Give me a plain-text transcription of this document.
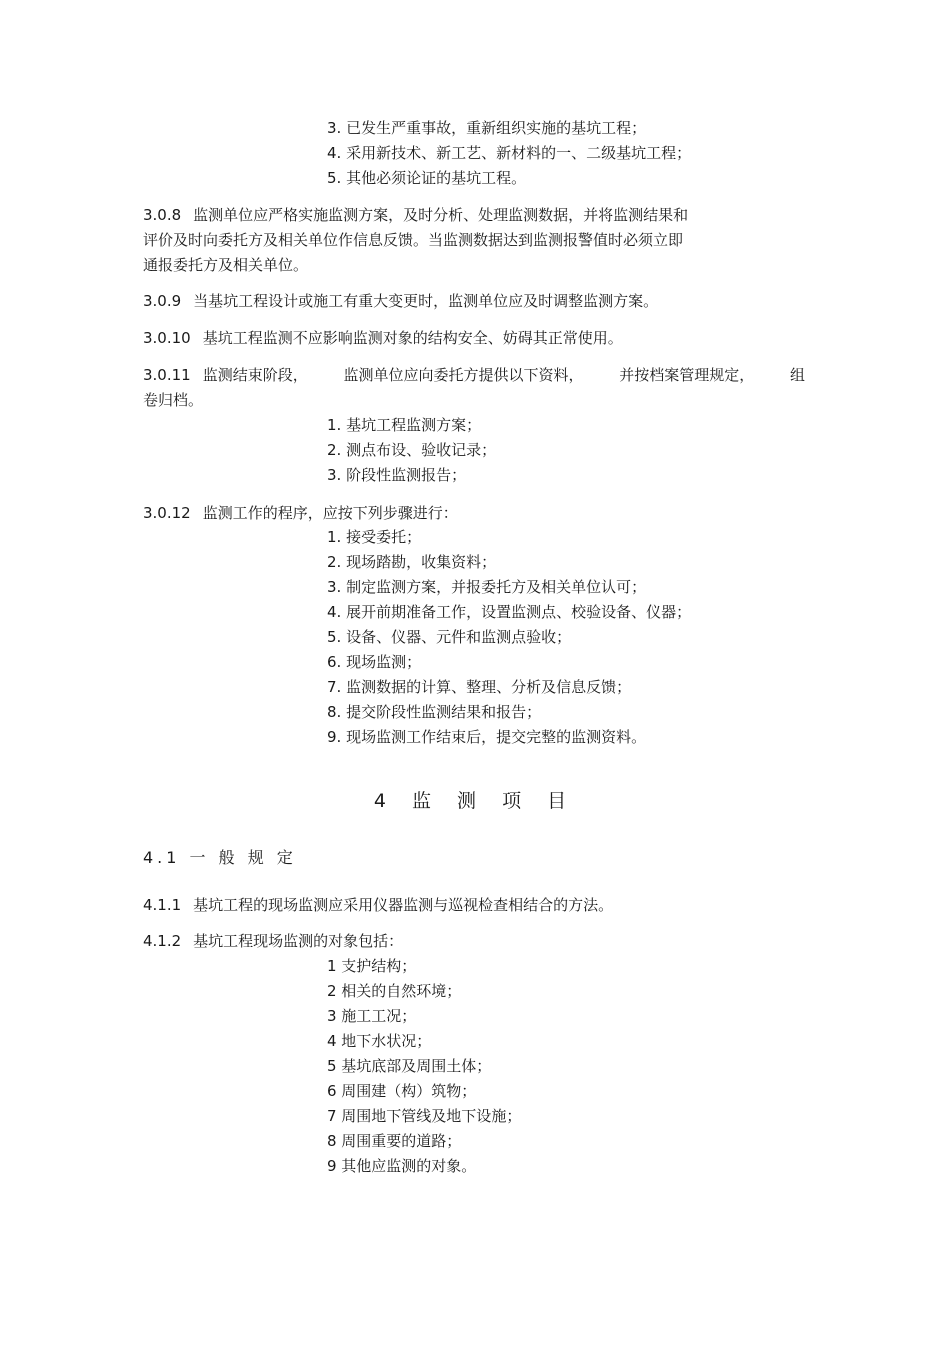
3. 已发生严重事故，重新组织实施的基坑工程；
4. 采用新技术、新工艺、新材料的一、二级基坑工程；
5. 其他必须论证的基坑工程。
3.0.8 监测单位应严格实施监测方案，及时分析、处理监测数据，并将监测结果和
评价及时向委托方及相关单位作信息反馈。当监测数据达到监测报警值时必须立即
通报委托方及相关单位。
3.0.9 当基坑工程设计或施工有重大变更时，监测单位应及时调整监测方案。
3.0.10 基坑工程监测不应影响监测对象的结构安全、妨碍其正常使用。
3.0.11 监测结束阶段， 监测单位应向委托方提供以下资料， 并按档案管理规定， 组
卷归档。
1. 基坑工程监测方案；
2. 测点布设、验收记录；
3. 阶段性监测报告；
3.0.12 监测工作的程序，应按下列步骤进行：
1. 接受委托；
2. 现场踏勘，收集资料；
3. 制定监测方案，并报委托方及相关单位认可；
4. 展开前期准备工作，设置监测点、校验设备、仪器；
5. 设备、仪器、元件和监测点验收；
6. 现场监测；
7. 监测数据的计算、整理、分析及信息反馈；
8. 提交阶段性监测结果和报告；
9. 现场监测工作结束后，提交完整的监测资料。
4 监 测 项 目
4.1 一 般 规 定
4.1.1 基坑工程的现场监测应采用仪器监测与巡视检查相结合的方法。
4.1.2 基坑工程现场监测的对象包括：
1 支护结构；
2 相关的自然环境；
3 施工工况；
4 地下水状况；
5 基坑底部及周围土体；
6 周围建（构）筑物；
7 周围地下管线及地下设施；
8 周围重要的道路；
9 其他应监测的对象。
